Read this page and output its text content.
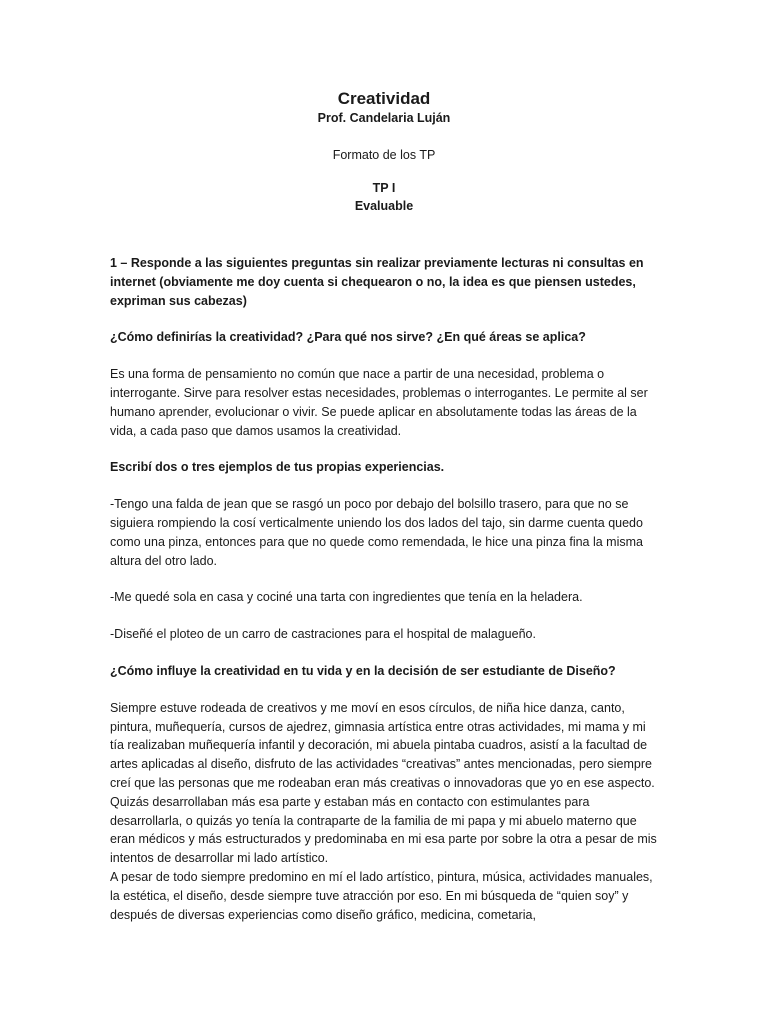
Creatividad
Prof. Candelaria Luján
Formato de los TP
TP I
Evaluable

1 – Responde a las siguientes preguntas sin realizar previamente lecturas ni consultas en internet (obviamente me doy cuenta si chequearon o no, la idea es que piensen ustedes, expriman sus cabezas)

¿Cómo definirías la creatividad? ¿Para qué nos sirve? ¿En qué áreas se aplica?

Es una forma de pensamiento no común que nace a partir de una necesidad, problema o interrogante. Sirve para resolver estas necesidades, problemas o interrogantes. Le permite al ser humano aprender, evolucionar o vivir. Se puede aplicar en absolutamente todas las áreas de la vida, a cada paso que damos usamos la creatividad.

Escribí dos o tres ejemplos de tus propias experiencias.

-Tengo una falda de jean que se rasgó un poco por debajo del bolsillo trasero, para que no se siguiera rompiendo la cosí verticalmente uniendo los dos lados del tajo, sin darme cuenta quedo como una pinza, entonces para que no quede como remendada, le hice una pinza fina la misma altura del otro lado.

-Me quedé sola en casa y cociné una tarta con ingredientes que tenía en la heladera.

-Diseñé el ploteo de un carro de castraciones para el hospital de malagueño.

¿Cómo influye la creatividad en tu vida y en la decisión de ser estudiante de Diseño?

Siempre estuve rodeada de creativos y me moví en esos círculos, de niña hice danza, canto, pintura, muñequería, cursos de ajedrez, gimnasia artística entre otras actividades, mi mama y mi tía realizaban muñequería infantil y decoración, mi abuela pintaba cuadros, asistí a la facultad de artes aplicadas al diseño, disfruto de las actividades “creativas” antes mencionadas, pero siempre creí que las personas que me rodeaban eran más creativas o innovadoras que yo en ese aspecto. Quizás desarrollaban más esa parte y estaban más en contacto con estimulantes para desarrollarla, o quizás yo tenía la contraparte de la familia de mi papa y mi abuelo materno que eran médicos y más estructurados y predominaba en mi esa parte por sobre la otra a pesar de mis intentos de desarrollar mi lado artístico.

A pesar de todo siempre predomino en mí el lado artístico, pintura, música, actividades manuales, la estética, el diseño, desde siempre tuve atracción por eso. En mi búsqueda de “quien soy” y después de diversas experiencias como diseño gráfico, medicina, cometaria,
